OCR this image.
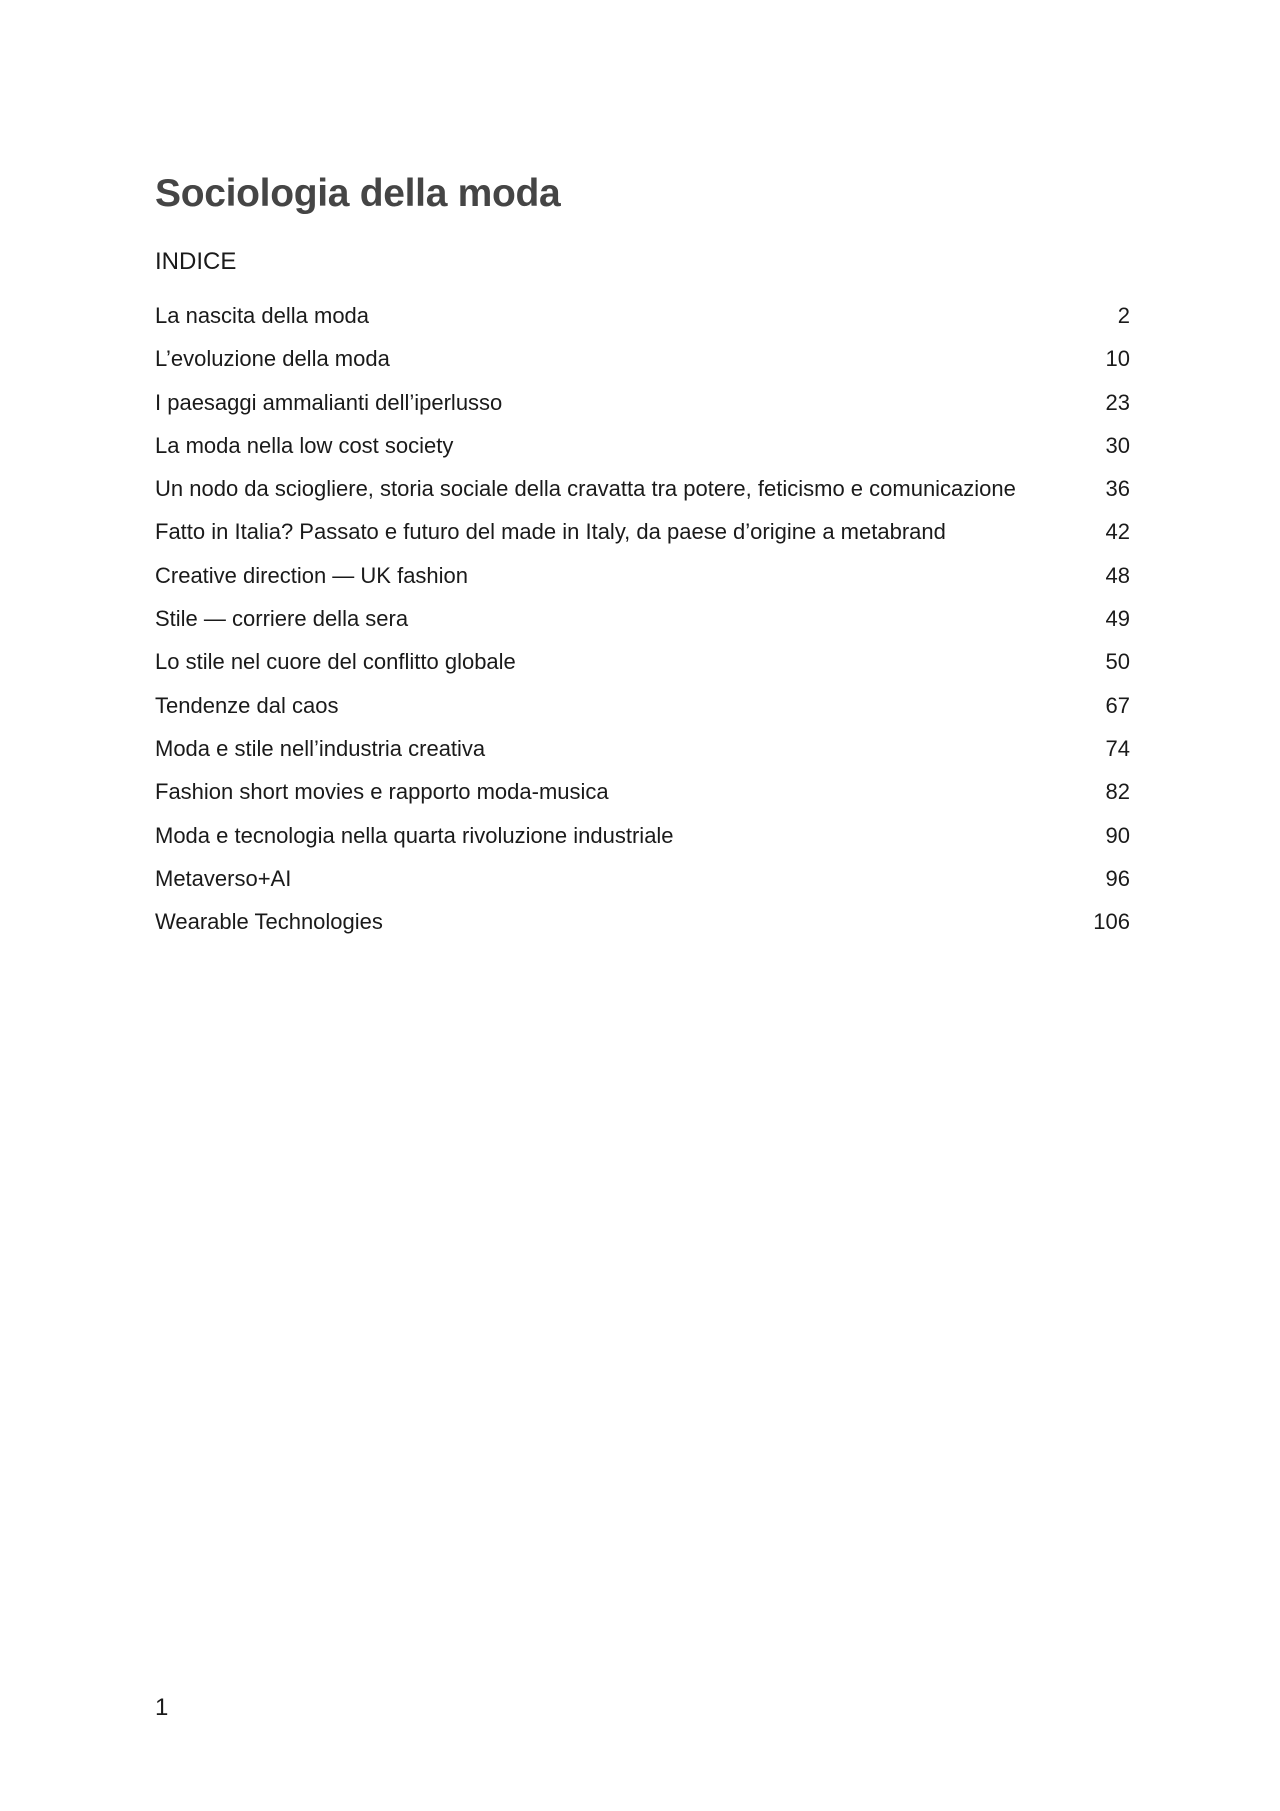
Sociologia della moda
INDICE
La nascita della moda	2
L’evoluzione della moda	10
I paesaggi ammalianti dell’iperlusso	23
La moda nella low cost society	30
Un nodo da sciogliere, storia sociale della cravatta tra potere, feticismo e comunicazione	36
Fatto in Italia? Passato e futuro del made in Italy, da paese d’origine a metabrand	42
Creative direction — UK fashion	48
Stile — corriere della sera	49
Lo stile nel cuore del conflitto globale	50
Tendenze dal caos	67
Moda e stile nell’industria creativa	74
Fashion short movies e rapporto moda-musica	82
Moda e tecnologia nella quarta rivoluzione industriale	90
Metaverso+AI	96
Wearable Technologies	106
1
